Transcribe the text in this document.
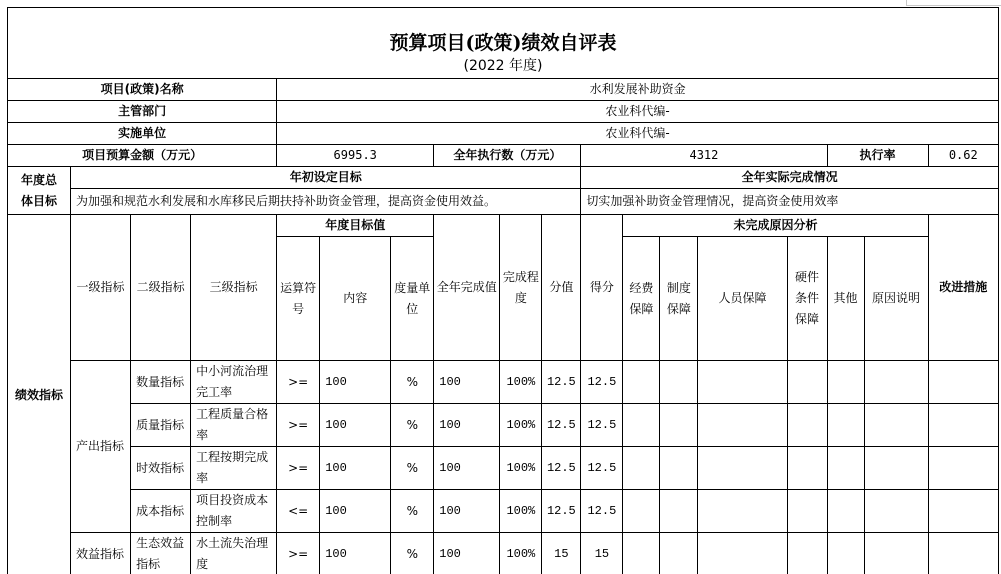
预算项目(政策)绩效自评表																	
(2022 年度)																	
项目(政策)名称				水利发展补助资金													
主管部门				农业科代编-													
实施单位				农业科代编-													
项目预算金额（万元）				6995.3			全年执行数（万元）			4312					执行率		0.62

年度总
体目标	年初设定目标									全年实际完成情况							
	为加强和规范水利发展和水库移民后期扶持补助资金管理，提高资金使用效益。									切实加强补助资金管理情况，提高资金使用效率							
绩效指标	一级指标	二级指标	三级指标	年度目标值			全年完成值	完成程度	分值	得分	未完成原因分析						改进措施
				运算符号	内容	度量单位					经费保障	制度保障	人员保障	硬件条件保障	其他	原因说明	

	产出指标	数量指标	中小河流治理完工率	>=	100	%	100	100%	12.5	12.5							
		质量指标	工程质量合格率	>=	100	%	100	100%	12.5	12.5							
		时效指标	工程按期完成率	>=	100	%	100	100%	12.5	12.5							
		成本指标	项目投资成本控制率	<=	100	%	100	100%	12.5	12.5							
	效益指标	生态效益指标	水土流失治理度	>=	100	%	100	100%	15	15							
